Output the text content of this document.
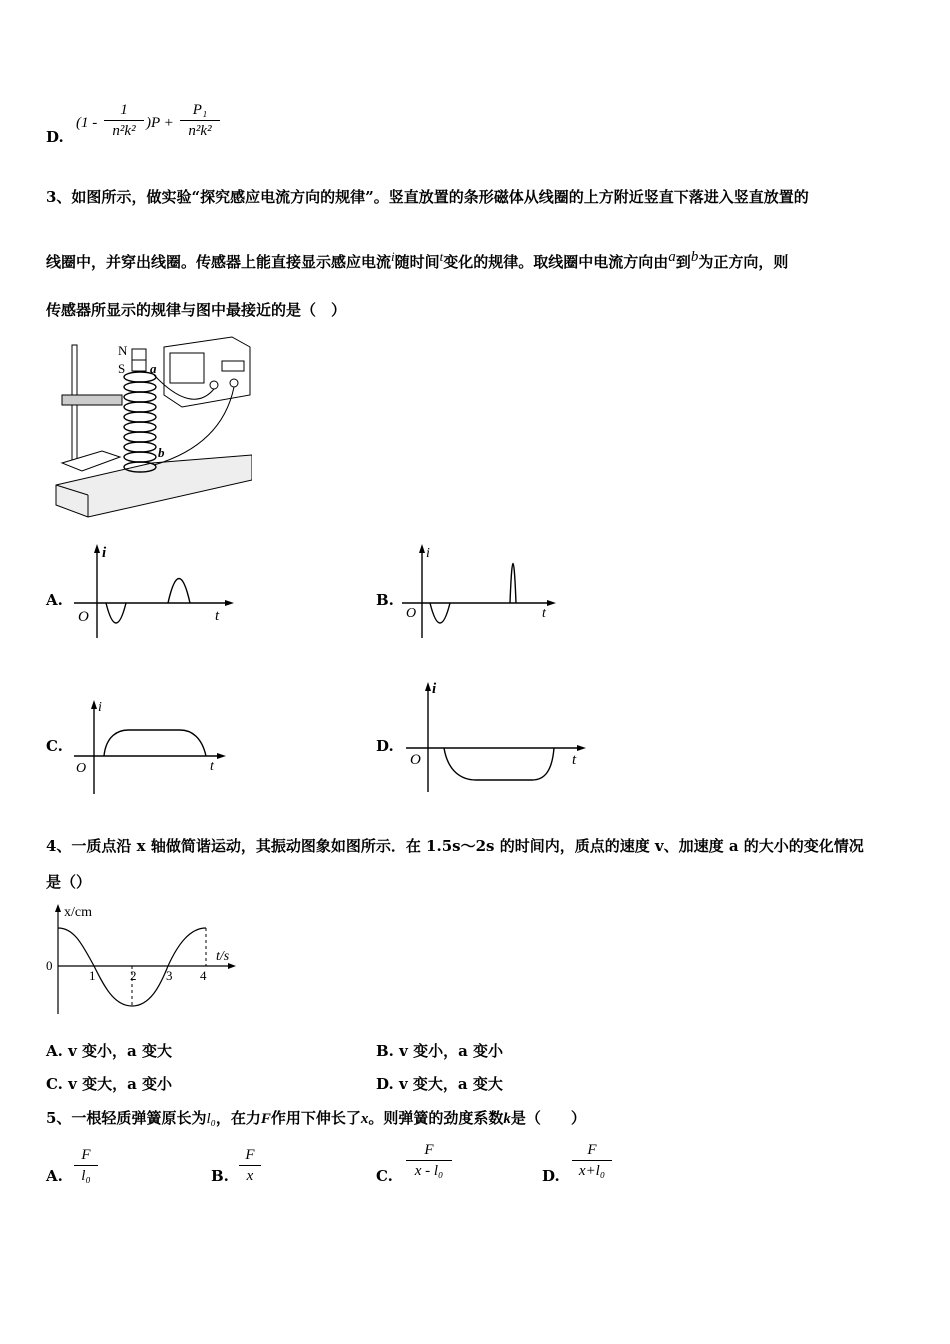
D.
(1 -
1
n²k² )P +
P₁
n²k²
3、如图所示，做实验“探究感应电流方向的规律”。竖直放置的条形磁体从线圈的上方附近竖直下落进入竖直放置的
线圈中，并穿出线圈。传感器上能直接显示感应电流$^i$随时间$^t$变化的规律。取线圈中电流方向由$^a$到$^b$为正方向，则
传感器所显示的规律与图中最接近的是（　）
N
S a
b
A.
i
t
O
B.
i
t
O
C.
i
t
O
D.
i
t
O
4、一质点沿 x 轴做简谐运动，其振动图象如图所示．在 1.5s～2s 的时间内，质点的速度 v、加速度 a 的大小的变化情况
是（）
x/cm
t/s
0
1	2 3 4
A. v 变小，a 变大	B. v 变小，a 变小
C. v 变大，a 变小	D. v 变大，a 变大
5、一根轻质弹簧原长为l₀，在力F作用下伸长了x。则弹簧的劲度系数k是（　　）
A.
F
l₀	B.
F
x	C.
F
x - l₀	D.
F
x+l₀
